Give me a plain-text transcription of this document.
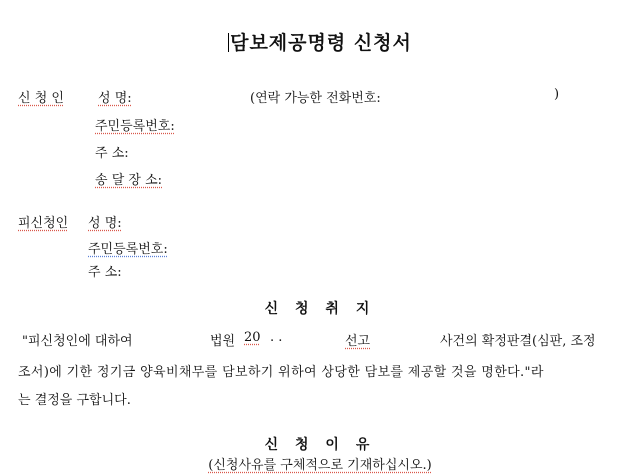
담보제공명령 신청서
신 청 인	성 명:	(연락 가능한 전화번호:	)
주민등록번호:
주 소:
송 달 장 소:
피신청인 성 명:
주민등록번호:
주 소:
신 청 취 지
"피신청인에 대하여	법원 20 . .	선고	사건의 확정판결(심판, 조정
조서)에 기한 정기금 양육비채무를 담보하기 위하여 상당한 담보를 제공할 것을 명한다."라
는 결정을 구합니다.
신 청 이 유
(신청사유를 구체적으로 기재하십시오.)
